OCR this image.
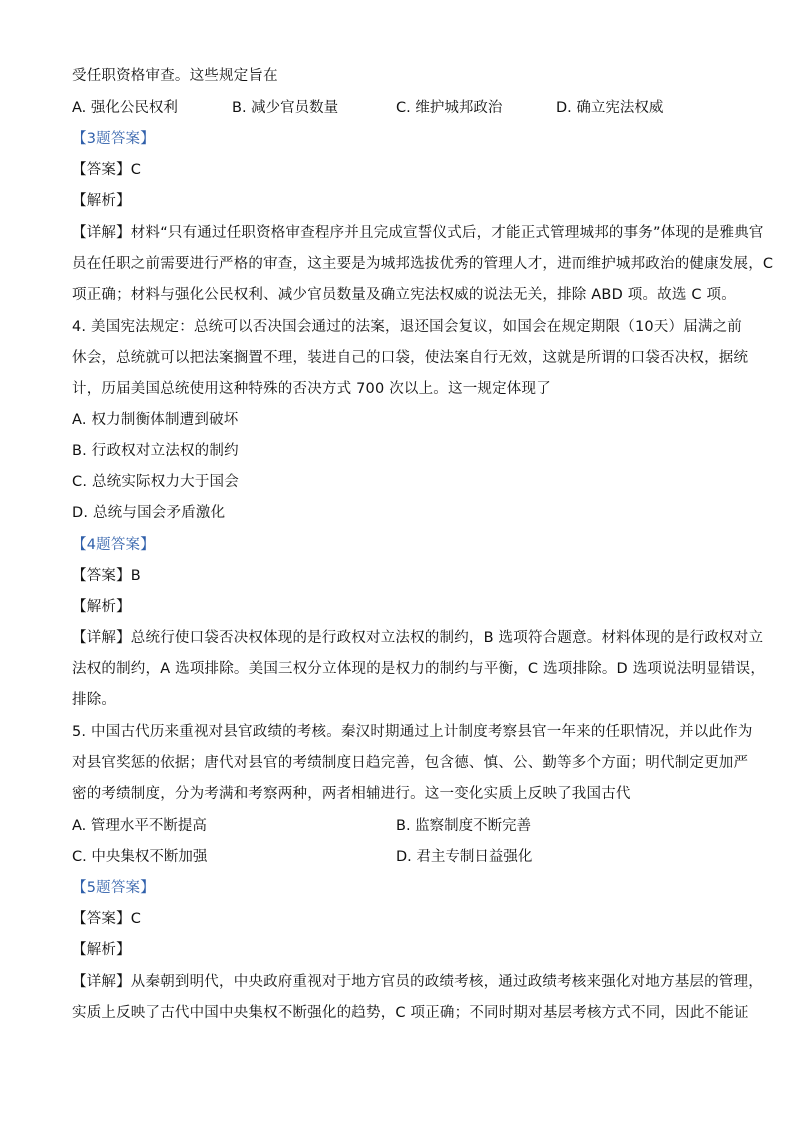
受任职资格审查。这些规定旨在
A. 强化公民权利	B. 减少官员数量	C. 维护城邦政治	D. 确立宪法权威
【3题答案】
【答案】C
【解析】
【详解】材料“只有通过任职资格审查程序并且完成宣誓仪式后，才能正式管理城邦的事务”体现的是雅典官
员在任职之前需要进行严格的审查，这主要是为城邦选拔优秀的管理人才，进而维护城邦政治的健康发展，C
项正确；材料与强化公民权利、减少官员数量及确立宪法权威的说法无关，排除 ABD 项。故选 C 项。
4. 美国宪法规定：总统可以否决国会通过的法案，退还国会复议，如国会在规定期限（10天）届满之前
休会，总统就可以把法案搁置不理，装进自己的口袋，使法案自行无效，这就是所谓的口袋否决权，据统
计，历届美国总统使用这种特殊的否决方式 700 次以上。这一规定体现了
A. 权力制衡体制遭到破坏
B. 行政权对立法权的制约
C. 总统实际权力大于国会
D. 总统与国会矛盾激化
【4题答案】
【答案】B
【解析】
【详解】总统行使口袋否决权体现的是行政权对立法权的制约，B 选项符合题意。材料体现的是行政权对立
法权的制约，A 选项排除。美国三权分立体现的是权力的制约与平衡，C 选项排除。D 选项说法明显错误，
排除。
5. 中国古代历来重视对县官政绩的考核。秦汉时期通过上计制度考察县官一年来的任职情况，并以此作为
对县官奖惩的依据；唐代对县官的考绩制度日趋完善，包含德、慎、公、勤等多个方面；明代制定更加严
密的考绩制度，分为考满和考察两种，两者相辅进行。这一变化实质上反映了我国古代
A. 管理水平不断提高	B. 监察制度不断完善
C. 中央集权不断加强	D. 君主专制日益强化
【5题答案】
【答案】C
【解析】
【详解】从秦朝到明代，中央政府重视对于地方官员的政绩考核，通过政绩考核来强化对地方基层的管理，
实质上反映了古代中国中央集权不断强化的趋势，C 项正确；不同时期对基层考核方式不同，因此不能证
